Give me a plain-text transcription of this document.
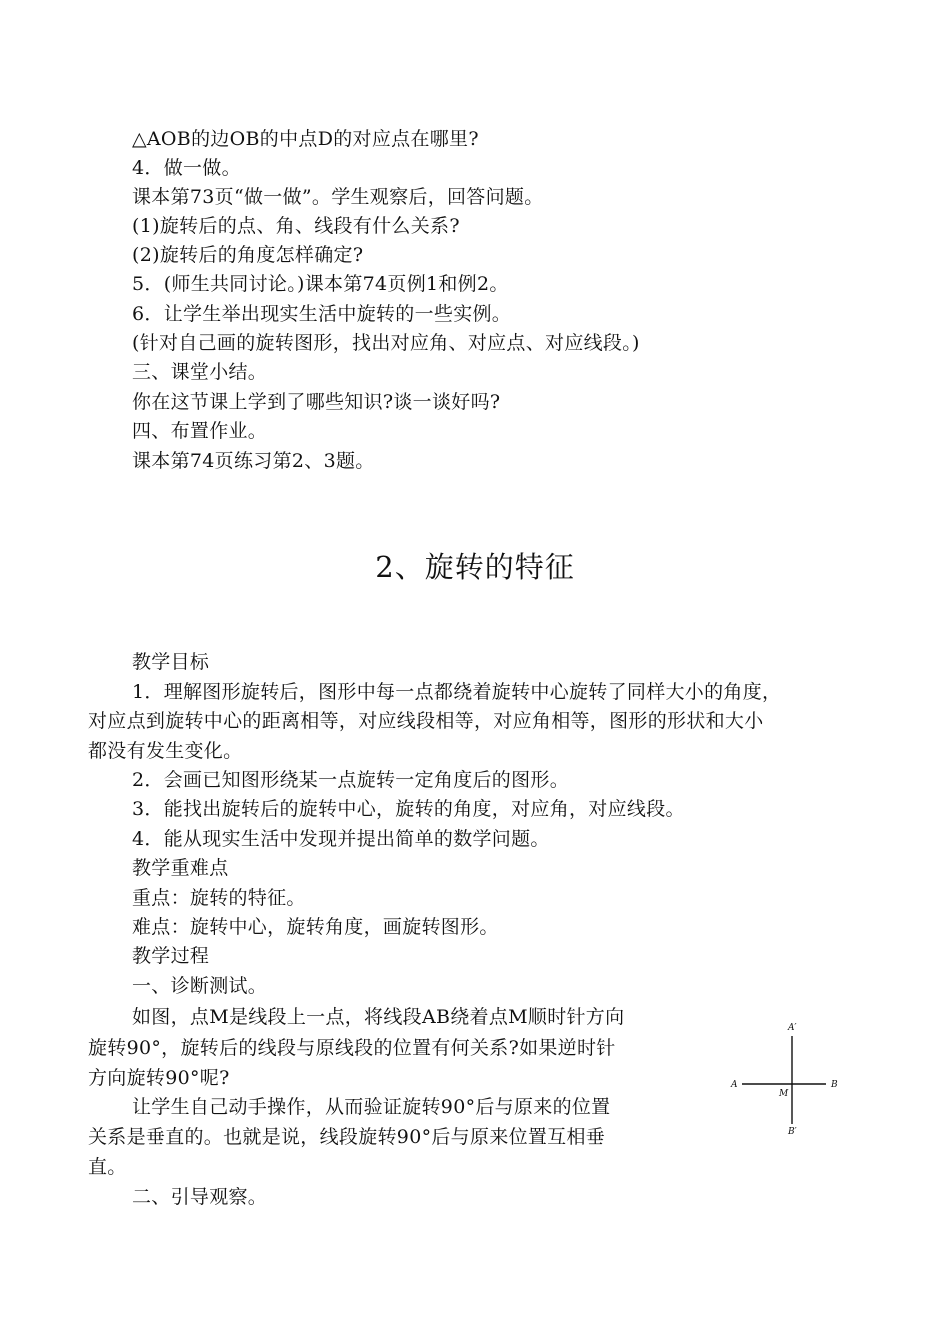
△AOB的边OB的中点D的对应点在哪里?
4．做一做。
课本第73页“做一做”。学生观察后，回答问题。
(1)旋转后的点、角、线段有什么关系?
(2)旋转后的角度怎样确定?
5．(师生共同讨论。)课本第74页例1和例2。
6．让学生举出现实生活中旋转的一些实例。
(针对自己画的旋转图形，找出对应角、对应点、对应线段。)
三、课堂小结。
你在这节课上学到了哪些知识?谈一谈好吗?
四、布置作业。
课本第74页练习第2、3题。
2、旋转的特征
教学目标
1．理解图形旋转后，图形中每一点都绕着旋转中心旋转了同样大小的角度，
对应点到旋转中心的距离相等，对应线段相等，对应角相等，图形的形状和大小
都没有发生变化。
2．会画已知图形绕某一点旋转一定角度后的图形。
3．能找出旋转后的旋转中心，旋转的角度，对应角，对应线段。
4．能从现实生活中发现并提出简单的数学问题。
教学重难点
重点：旋转的特征。
难点：旋转中心，旋转角度，画旋转图形。
教学过程
一、诊断测试。
如图，点M是线段上一点，将线段AB绕着点M顺时针方向
旋转90°，旋转后的线段与原线段的位置有何关系?如果逆时针
方向旋转90°呢?
让学生自己动手操作，从而验证旋转90°后与原来的位置
关系是垂直的。也就是说，线段旋转90°后与原来位置互相垂
直。
二、引导观察。
A′
A	B
M
B′
